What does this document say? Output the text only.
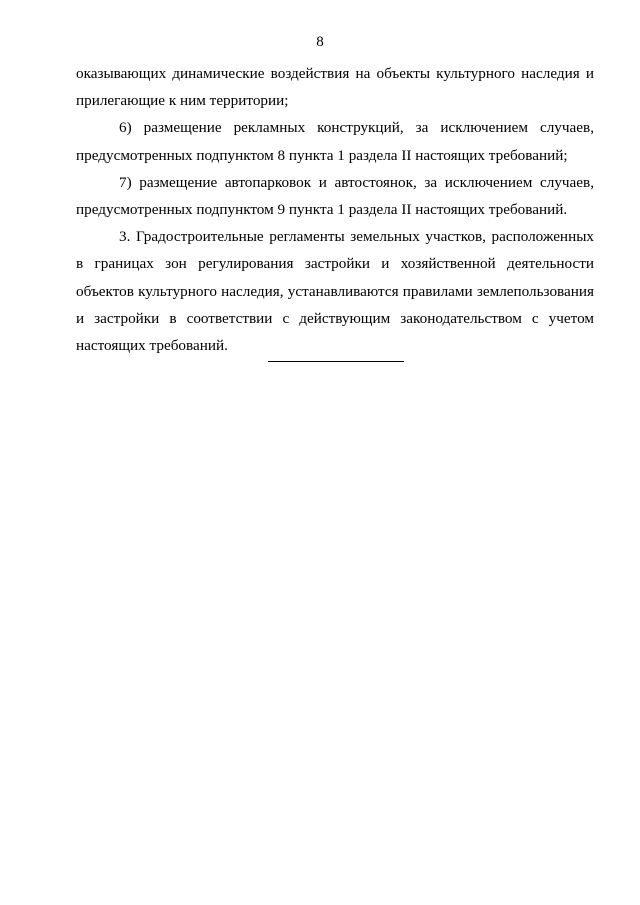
8

оказывающих динамические воздействия на объекты культурного наследия и прилегающие к ним территории;

6) размещение рекламных конструкций, за исключением случаев, предусмотренных подпунктом 8 пункта 1 раздела II настоящих требований;

7) размещение автопарковок и автостоянок, за исключением случаев, предусмотренных подпунктом 9 пункта 1 раздела II настоящих требований.

3. Градостроительные регламенты земельных участков, расположенных в границах зон регулирования застройки и хозяйственной деятельности объектов культурного наследия, устанавливаются правилами землепользования и застройки в соответствии с действующим законодательством с учетом настоящих требований.
